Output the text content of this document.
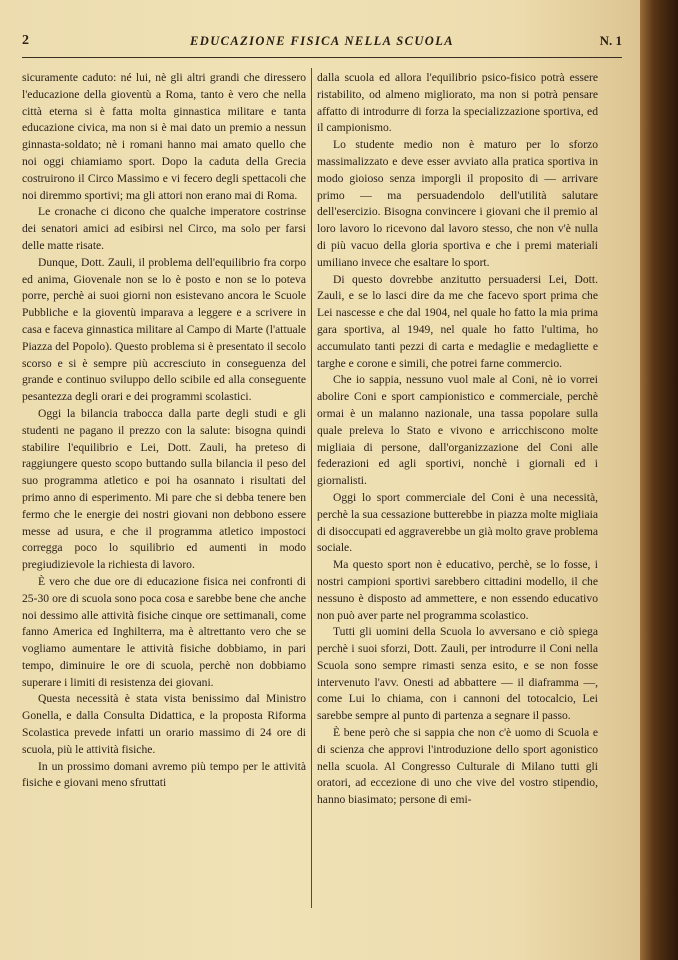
2	EDUCAZIONE FISICA NELLA SCUOLA	N. 1

sicuramente caduto: né lui, nè gli altri grandi che diressero l'educazione della gioventù a Roma, tanto è vero che nella città eterna si è fatta molta ginnastica militare e tanta educazione civica, ma non si è mai dato un premio a nessun ginnasta-soldato; nè i romani hanno mai amato quello che noi oggi chiamiamo sport. Dopo la caduta della Grecia costruirono il Circo Massimo e vi fecero degli spettacoli che noi diremmo sportivi; ma gli attori non erano mai di Roma.

Le cronache ci dicono che qualche imperatore costrinse dei senatori amici ad esibirsi nel Circo, ma solo per farsi delle matte risate.

Dunque, Dott. Zauli, il problema dell'equilibrio fra corpo ed anima, Giovenale non se lo è posto e non se lo poteva porre, perchè ai suoi giorni non esistevano ancora le Scuole Pubbliche e la gioventù imparava a leggere e a scrivere in casa e faceva ginnastica militare al Campo di Marte (l'attuale Piazza del Popolo). Questo problema si è presentato il secolo scorso e si è sempre più accresciuto in conseguenza del grande e continuo sviluppo dello scibile ed alla conseguente pesantezza degli orari e dei programmi scolastici.

Oggi la bilancia trabocca dalla parte degli studi e gli studenti ne pagano il prezzo con la salute: bisogna quindi stabilire l'equilibrio e Lei, Dott. Zauli, ha preteso di raggiungere questo scopo buttando sulla bilancia il peso del suo programma atletico e poi ha osannato i risultati del primo anno di esperimento. Mi pare che si debba tenere ben fermo che le energie dei nostri giovani non debbono essere messe ad usura, e che il programma atletico impostoci corregga poco lo squilibrio ed aumenti in modo pregiudizievole la richiesta di lavoro.

È vero che due ore di educazione fisica nei confronti di 25-30 ore di scuola sono poca cosa e sarebbe bene che anche noi dessimo alle attività fisiche cinque ore settimanali, come fanno America ed Inghilterra, ma è altrettanto vero che se vogliamo aumentare le attività fisiche dobbiamo, in pari tempo, diminuire le ore di scuola, perchè non dobbiamo superare i limiti di resistenza dei giovani.

Questa necessità è stata vista benissimo dal Ministro Gonella, e dalla Consulta Didattica, e la proposta Riforma Scolastica prevede infatti un orario massimo di 24 ore di scuola, più le attività fisiche.

In un prossimo domani avremo più tempo per le attività fisiche e giovani meno sfruttati

dalla scuola ed allora l'equilibrio psico-fisico potrà essere ristabilito, od almeno migliorato, ma non si potrà pensare affatto di introdurre di forza la specializzazione sportiva, ed il campionismo.

Lo studente medio non è maturo per lo sforzo massimalizzato e deve esser avviato alla pratica sportiva in modo gioioso senza imporgli il proposito di — arrivare primo — ma persuadendolo dell'utilità salutare dell'esercizio. Bisogna convincere i giovani che il premio al loro lavoro lo ricevono dal lavoro stesso, che non v'è nulla di più vacuo della gloria sportiva e che i premi materiali umiliano invece che esaltare lo sport.

Di questo dovrebbe anzitutto persuadersi Lei, Dott. Zauli, e se lo lasci dire da me che facevo sport prima che Lei nascesse e che dal 1904, nel quale ho fatto la mia prima gara sportiva, al 1949, nel quale ho fatto l'ultima, ho accumulato tanti pezzi di carta e medaglie e medagliette e targhe e corone e simili, che potrei farne commercio.

Che io sappia, nessuno vuol male al Coni, nè io vorrei abolire Coni e sport campionistico e commerciale, perchè ormai è un malanno nazionale, una tassa popolare sulla quale preleva lo Stato e vivono e arricchiscono molte migliaia di persone, dall'organizzazione del Coni alle federazioni ed agli sportivi, nonchè i giornali ed i giornalisti.

Oggi lo sport commerciale del Coni è una necessità, perchè la sua cessazione butterebbe in piazza molte migliaia di disoccupati ed aggraverebbe un già molto grave problema sociale.

Ma questo sport non è educativo, perchè, se lo fosse, i nostri campioni sportivi sarebbero cittadini modello, il che nessuno è disposto ad ammettere, e non essendo educativo non può aver parte nel programma scolastico.

Tutti gli uomini della Scuola lo avversano e ciò spiega perchè i suoi sforzi, Dott. Zauli, per introdurre il Coni nella Scuola sono sempre rimasti senza esito, e se non fosse intervenuto l'avv. Onesti ad abbattere — il diaframma —, come Lui lo chiama, con i cannoni del totocalcio, Lei sarebbe sempre al punto di partenza a segnare il passo.

È bene però che si sappia che non c'è uomo di Scuola e di scienza che approvi l'introduzione dello sport agonistico nella scuola. Al Congresso Culturale di Milano tutti gli oratori, ad eccezione di uno che vive del vostro stipendio, hanno biasimato; persone di emi-
